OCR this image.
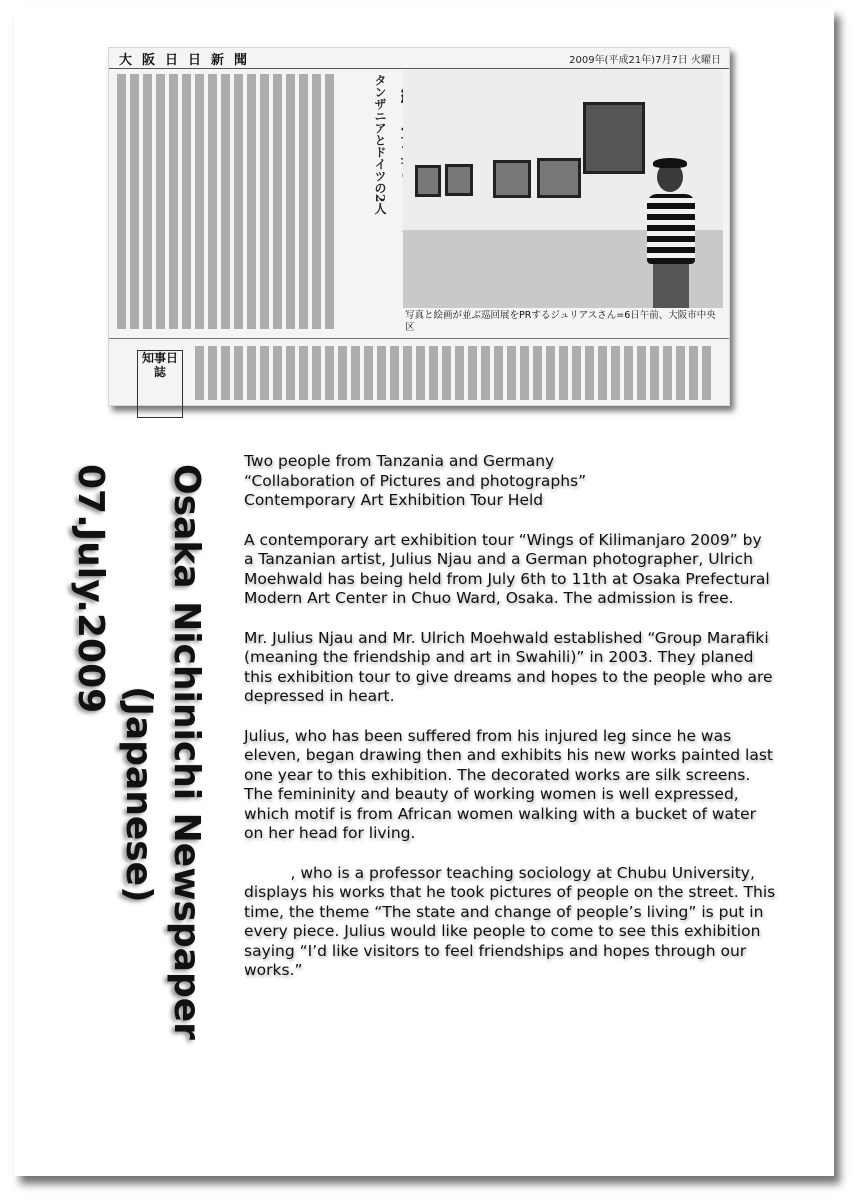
大阪日日新聞	2009年(平成21年)7月7日 火曜日
タンザニアとドイツの2人
写真と絵画が並ぶ巡回展をPRするジュリアスさん=6日午前、大阪市中央区
知事日誌
Osaka Nichinichi Newspaper
(Japanese)
07.July.2009

Two people from Tanzania and Germany

“Collaboration of Pictures and photographs”

Contemporary Art Exhibition Tour Held

A contemporary art exhibition tour “Wings of Kilimanjaro 2009” by a Tanzanian artist, Julius Njau and a German photographer, Ulrich　Moehwald has being held from July 6th to 11th at Osaka Prefectural Modern Art Center in Chuo Ward, Osaka. The admission is free.

Mr. Julius Njau and Mr. Ulrich Moehwald established “Group Marafiki (meaning the friendship and art in Swahili)” in 2003. They planed this exhibition tour to give dreams and hopes to the people who are depressed in heart.

Julius, who has been suffered from his injured leg since he was eleven, began drawing then and exhibits his new works painted last one year to this exhibition. The decorated works are silk screens. The femininity and beauty of working women is well expressed, which motif is from African women walking with a bucket of water on her head for living.

　　　, who is a professor teaching sociology at Chubu University, displays his works that he took pictures of people on the street. This time, the theme “The state and change of people’s living” is put in every piece. Julius would like people to come to see this exhibition saying “I’d like visitors to feel friendships and hopes through our works.”
